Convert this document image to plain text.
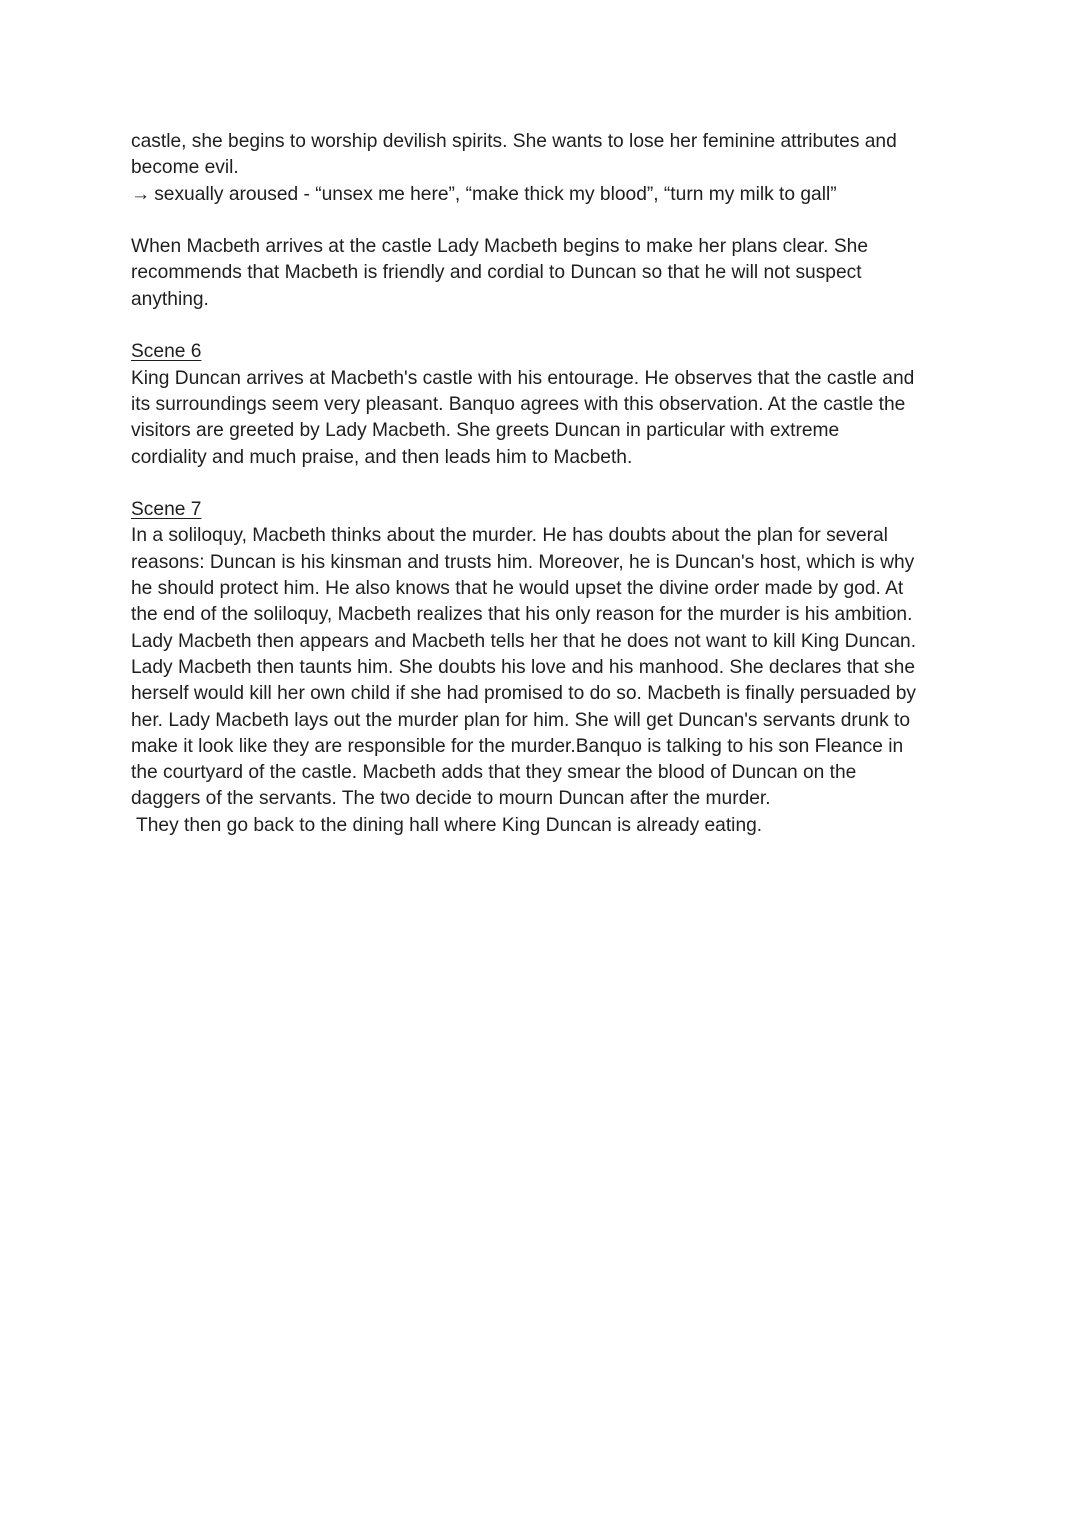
castle, she begins to worship devilish spirits. She wants to lose her feminine attributes and
become evil.
→ sexually aroused - “unsex me here”, “make thick my blood”, “turn my milk to gall”
When Macbeth arrives at the castle Lady Macbeth begins to make her plans clear. She
recommends that Macbeth is friendly and cordial to Duncan so that he will not suspect
anything.
Scene 6
King Duncan arrives at Macbeth's castle with his entourage. He observes that the castle and
its surroundings seem very pleasant. Banquo agrees with this observation. At the castle the
visitors are greeted by Lady Macbeth. She greets Duncan in particular with extreme
cordiality and much praise, and then leads him to Macbeth.
Scene 7
In a soliloquy, Macbeth thinks about the murder. He has doubts about the plan for several
reasons: Duncan is his kinsman and trusts him. Moreover, he is Duncan's host, which is why
he should protect him. He also knows that he would upset the divine order made by god. At
the end of the soliloquy, Macbeth realizes that his only reason for the murder is his ambition.
Lady Macbeth then appears and Macbeth tells her that he does not want to kill King Duncan.
Lady Macbeth then taunts him. She doubts his love and his manhood. She declares that she
herself would kill her own child if she had promised to do so. Macbeth is finally persuaded by
her. Lady Macbeth lays out the murder plan for him. She will get Duncan's servants drunk to
make it look like they are responsible for the murder.Banquo is talking to his son Fleance in
the courtyard of the castle. Macbeth adds that they smear the blood of Duncan on the
daggers of the servants. The two decide to mourn Duncan after the murder.
They then go back to the dining hall where King Duncan is already eating.
